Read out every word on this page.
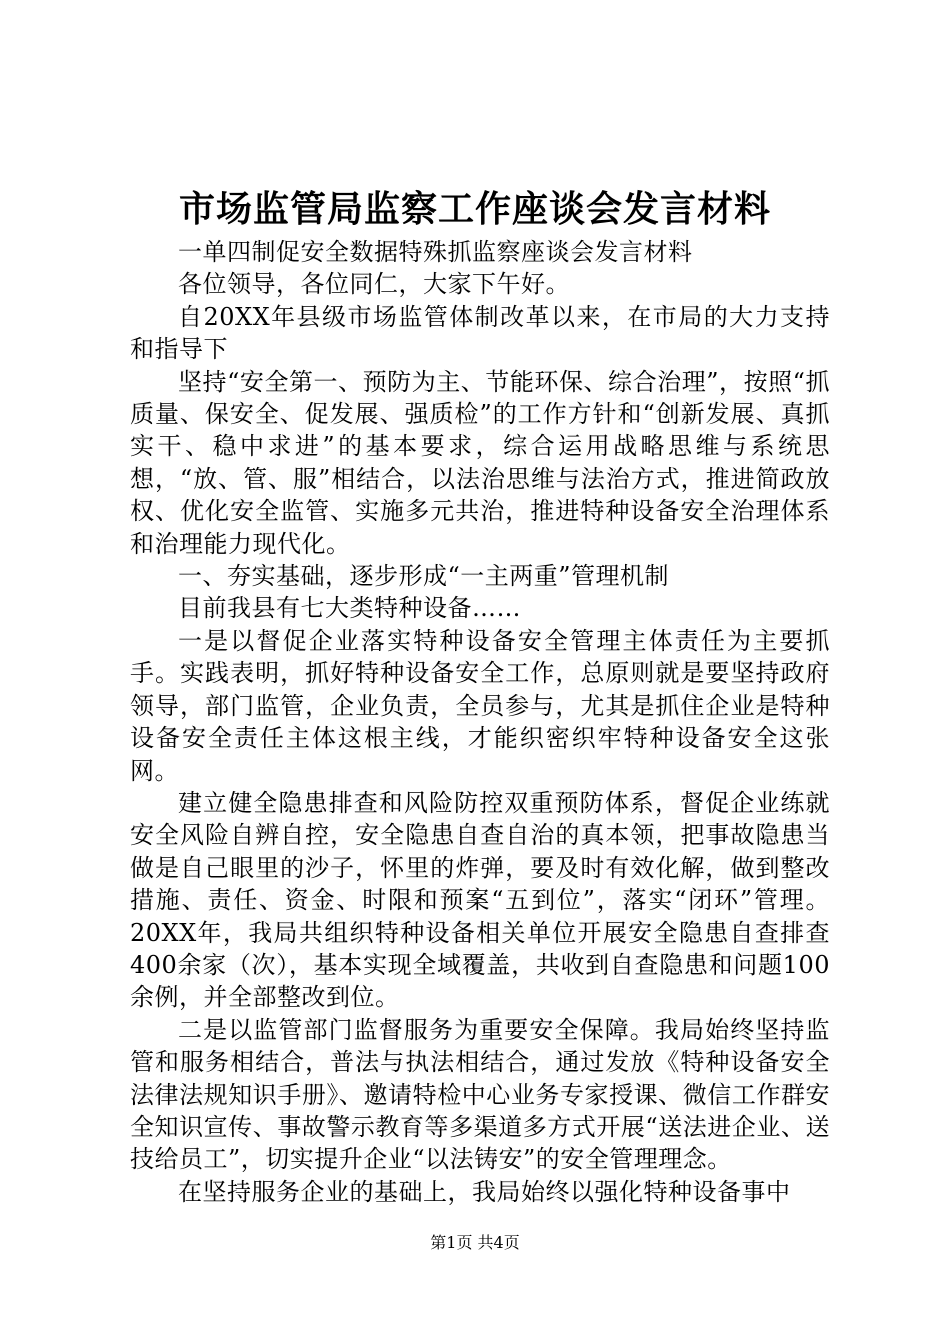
市场监管局监察工作座谈会发言材料

一单四制促安全数据特殊抓监察座谈会发言材料

各位领导，各位同仁，大家下午好。

自20XX年县级市场监管体制改革以来，在市局的大力支持和指导下

坚持“安全第一、预防为主、节能环保、综合治理”，按照“抓质量、保安全、促发展、强质检”的工作方针和“创新发展、真抓实干、稳中求进”的基本要求，综合运用战略思维与系统思想，“放、管、服”相结合，以法治思维与法治方式，推进简政放权、优化安全监管、实施多元共治，推进特种设备安全治理体系和治理能力现代化。

一、夯实基础，逐步形成“一主两重”管理机制

目前我县有七大类特种设备……

一是以督促企业落实特种设备安全管理主体责任为主要抓手。实践表明，抓好特种设备安全工作，总原则就是要坚持政府领导，部门监管，企业负责，全员参与，尤其是抓住企业是特种设备安全责任主体这根主线，才能织密织牢特种设备安全这张网。

建立健全隐患排查和风险防控双重预防体系，督促企业练就安全风险自辨自控，安全隐患自查自治的真本领，把事故隐患当做是自己眼里的沙子，怀里的炸弹，要及时有效化解，做到整改措施、责任、资金、时限和预案“五到位”，落实“闭环”管理。20XX年，我局共组织特种设备相关单位开展安全隐患自查排查400余家（次），基本实现全域覆盖，共收到自查隐患和问题100余例，并全部整改到位。

二是以监管部门监督服务为重要安全保障。我局始终坚持监管和服务相结合，普法与执法相结合，通过发放《特种设备安全法律法规知识手册》、邀请特检中心业务专家授课、微信工作群安全知识宣传、事故警示教育等多渠道多方式开展“送法进企业、送技给员工”，切实提升企业“以法铸安”的安全管理理念。

在坚持服务企业的基础上，我局始终以强化特种设备事中

第1页 共4页
